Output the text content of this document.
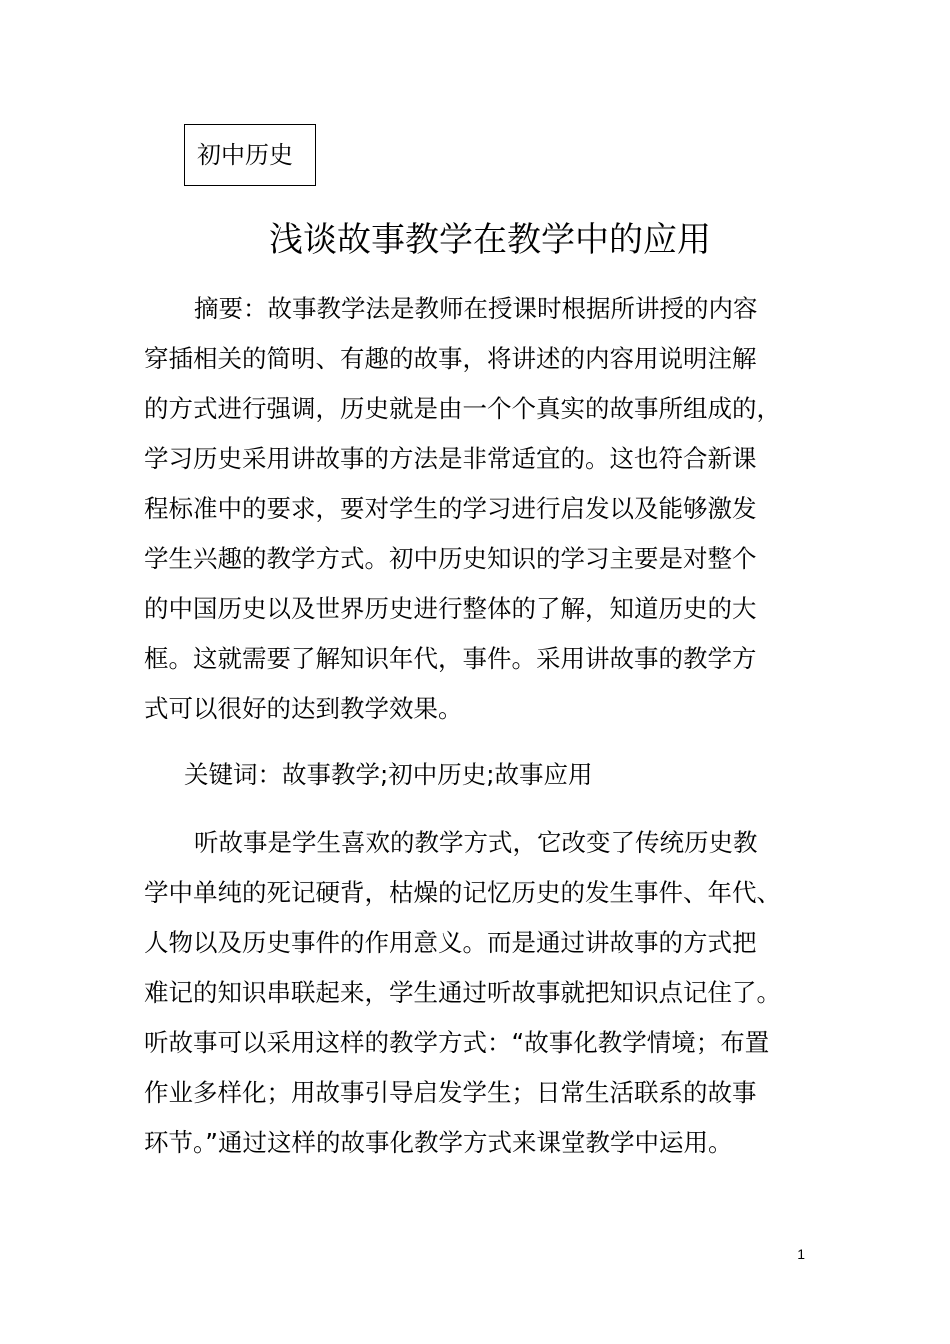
初中历史
浅谈故事教学在教学中的应用
摘要：故事教学法是教师在授课时根据所讲授的内容
穿插相关的简明、有趣的故事，将讲述的内容用说明注解
的方式进行强调，历史就是由一个个真实的故事所组成的，
学习历史采用讲故事的方法是非常适宜的。这也符合新课
程标准中的要求，要对学生的学习进行启发以及能够激发
学生兴趣的教学方式。初中历史知识的学习主要是对整个
的中国历史以及世界历史进行整体的了解，知道历史的大
框。这就需要了解知识年代，事件。采用讲故事的教学方
式可以很好的达到教学效果。
关键词：故事教学;初中历史;故事应用
听故事是学生喜欢的教学方式，它改变了传统历史教
学中单纯的死记硬背，枯燥的记忆历史的发生事件、年代、
人物以及历史事件的作用意义。而是通过讲故事的方式把
难记的知识串联起来，学生通过听故事就把知识点记住了。
听故事可以采用这样的教学方式：“故事化教学情境；布置
作业多样化；用故事引导启发学生；日常生活联系的故事
环节。”通过这样的故事化教学方式来课堂教学中运用。
1
